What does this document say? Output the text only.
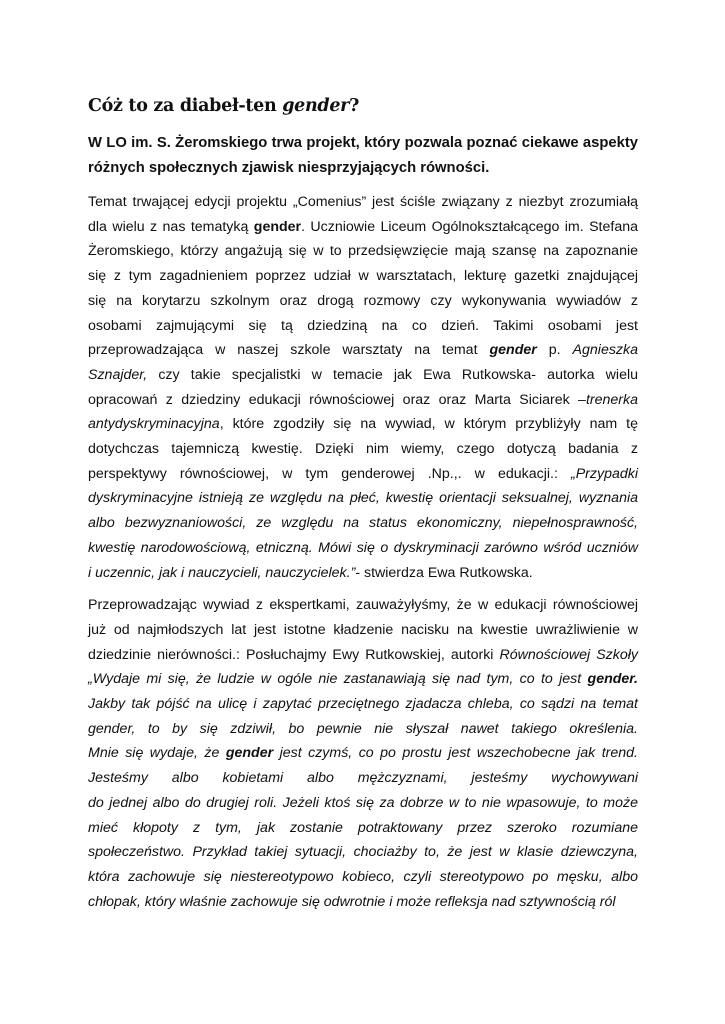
Cóż to za diabeł-ten gender?
W LO im. S. Żeromskiego trwa projekt, który pozwala poznać ciekawe aspekty
różnych społecznych zjawisk niesprzyjających równości.
Temat trwającej edycji projektu „Comenius” jest ściśle związany z niezbyt zrozumiałą
dla wielu z nas tematyką gender. Uczniowie Liceum Ogólnokształcącego im. Stefana
Żeromskiego, którzy angażują się w to przedsięwzięcie mają szansę na zapoznanie
się z tym zagadnieniem poprzez udział w warsztatach, lekturę gazetki znajdującej
się na korytarzu szkolnym oraz drogą rozmowy czy wykonywania wywiadów z
osobami zajmującymi się tą dziedziną na co dzień. Takimi osobami jest
przeprowadzająca w naszej szkole warsztaty na temat gender p. Agnieszka
Sznajder, czy takie specjalistki w temacie jak Ewa Rutkowska- autorka wielu
opracowań z dziedziny edukacji równościowej oraz oraz Marta Siciarek –trenerka
antydyskryminacyjna, które zgodziły się na wywiad, w którym przybliżyły nam tę
dotychczas tajemniczą kwestię. Dzięki nim wiemy, czego dotyczą badania z
perspektywy równościowej, w tym genderowej .Np.,. w edukacji.: „Przypadki
dyskryminacyjne istnieją ze względu na płeć, kwestię orientacji seksualnej, wyznania
albo bezwyznaniowości, ze względu na status ekonomiczny, niepełnosprawność,
kwestię narodowościową, etniczną. Mówi się o dyskryminacji zarówno wśród uczniów
i uczennic, jak i nauczycieli, nauczycielek.”- stwierdza Ewa Rutkowska.
Przeprowadzając wywiad z ekspertkami, zauważyłyśmy, że w edukacji równościowej
już od najmłodszych lat jest istotne kładzenie nacisku na kwestie uwrażliwienie w
dziedzinie nierówności.: Posłuchajmy Ewy Rutkowskiej, autorki Równościowej Szkoły
„Wydaje mi się, że ludzie w ogóle nie zastanawiają się nad tym, co to jest gender.
Jakby tak pójść na ulicę i zapytać przeciętnego zjadacza chleba, co sądzi na temat
gender, to by się zdziwił, bo pewnie nie słyszał nawet takiego określenia.
Mnie się wydaje, że gender jest czymś, co po prostu jest wszechobecne jak trend.
Jesteśmy albo kobietami albo mężczyznami, jesteśmy wychowywani
do jednej albo do drugiej roli. Jeżeli ktoś się za dobrze w to nie wpasowuje, to może
mieć kłopoty z tym, jak zostanie potraktowany przez szeroko rozumiane
społeczeństwo. Przykład takiej sytuacji, chociażby to, że jest w klasie dziewczyna,
która zachowuje się niestereotypowo kobieco, czyli stereotypowo po męsku, albo
chłopak, który właśnie zachowuje się odwrotnie i może refleksja nad sztywnością ról
